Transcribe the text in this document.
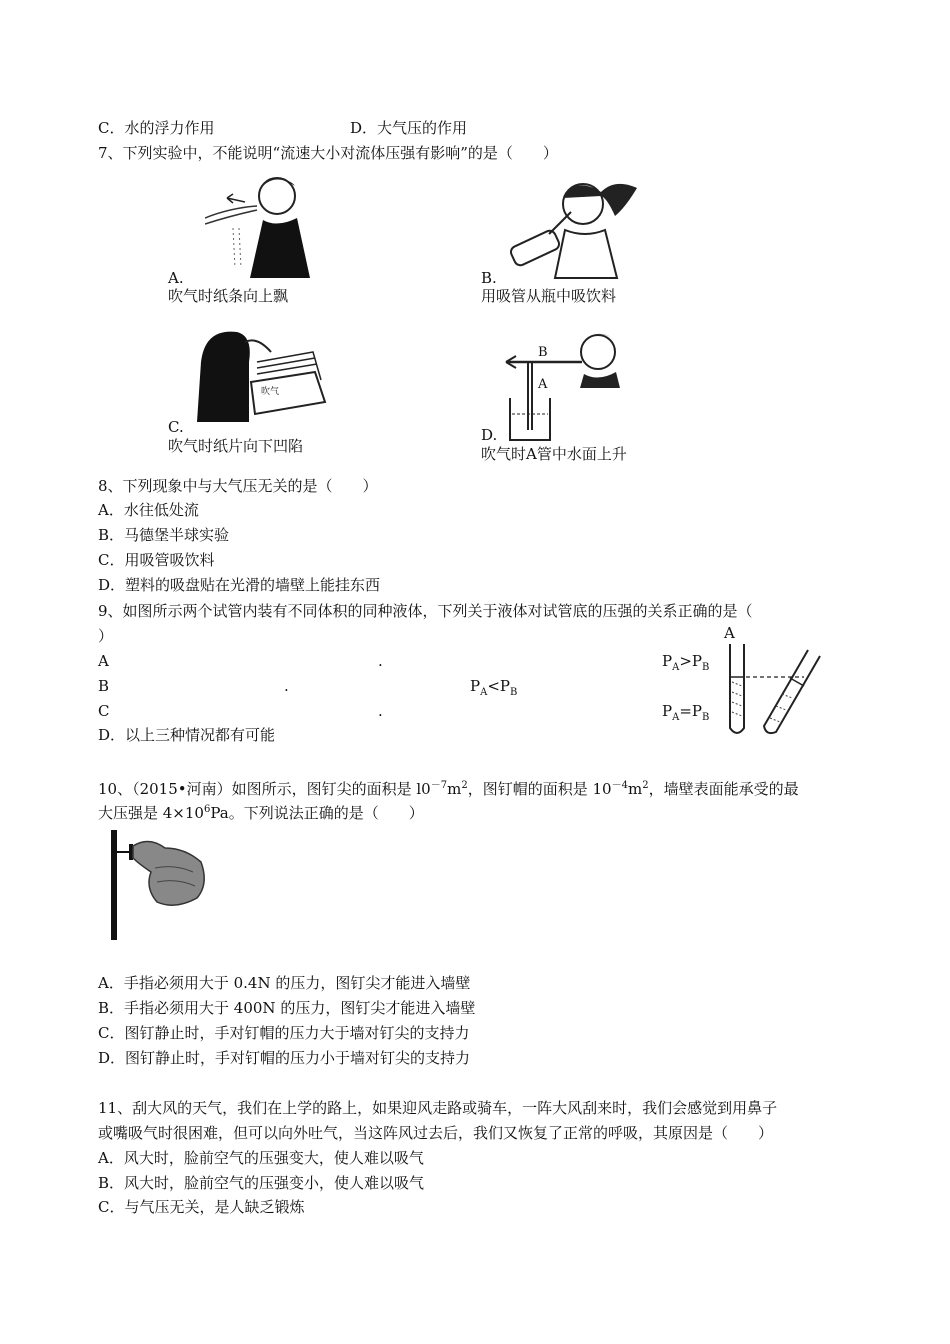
C．水的浮力作用	D．大气压的作用
7、下列实验中，不能说明“流速大小对流体压强有影响”的是（　　）
A.
吹气时纸条向上飘
B.
用吸管从瓶中吸饮料
吹气
C.
吹气时纸片向下凹陷
B
A
D.
吹气时A管中水面上升
8、下列现象中与大气压无关的是（　　）
A．水往低处流
B．马德堡半球实验
C．用吸管吸饮料
D．塑料的吸盘贴在光滑的墙壁上能挂东西
9、如图所示两个试管内装有不同体积的同种液体，下列关于液体对试管底的压强的关系正确的是（
）
A	.	$P_A>P_B$
B	.	$P_A<P_B$
C	.	$P_A=P_B$
D．以上三种情况都有可能
A
10、（2015•河南）如图所示，图钉尖的面积是 $l0^{-7}m^2$，图钉帽的面积是 $10^{-4}m^2$，墙壁表面能承受的最
大压强是 $4\times 10^6Pa$。下列说法正确的是（　　）
A．手指必须用大于 0.4N 的压力，图钉尖才能进入墙壁
B．手指必须用大于 400N 的压力，图钉尖才能进入墙壁
C．图钉静止时，手对钉帽的压力大于墙对钉尖的支持力
D．图钉静止时，手对钉帽的压力小于墙对钉尖的支持力
11、刮大风的天气，我们在上学的路上，如果迎风走路或骑车，一阵大风刮来时，我们会感觉到用鼻子
或嘴吸气时很困难，但可以向外吐气，当这阵风过去后，我们又恢复了正常的呼吸，其原因是（　　）
A．风大时，脸前空气的压强变大，使人难以吸气
B．风大时，脸前空气的压强变小，使人难以吸气
C．与气压无关，是人缺乏锻炼
